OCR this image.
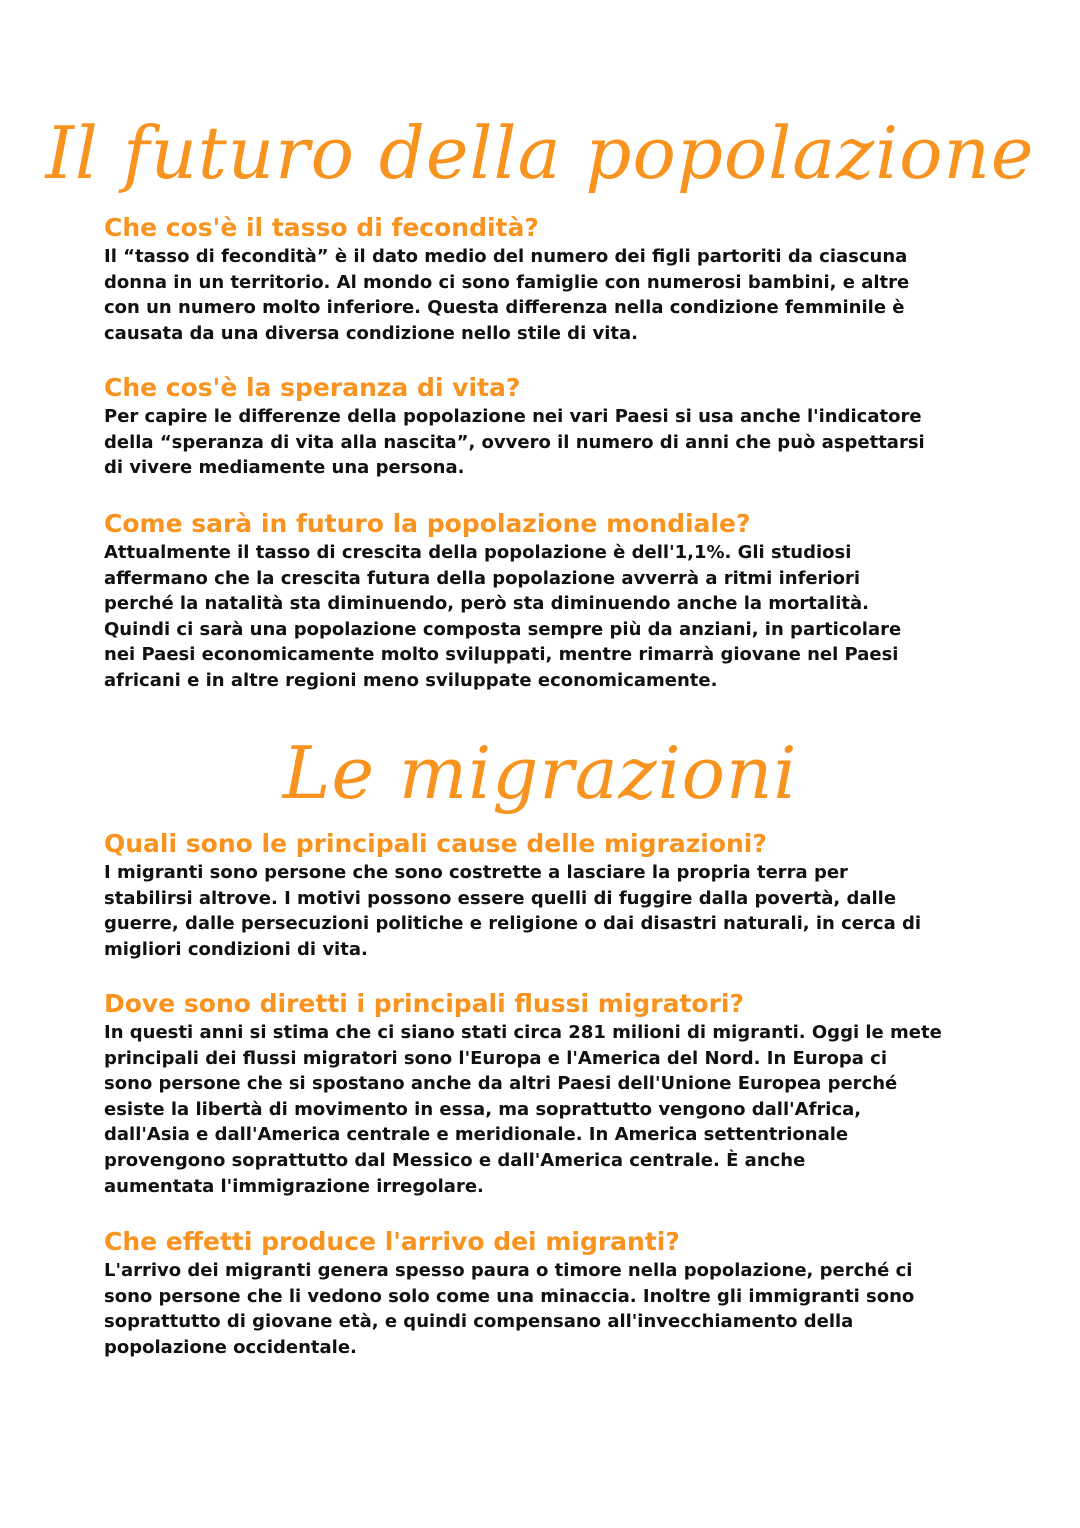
Il futuro della popolazione
Che cos'è il tasso di fecondità?

Il “tasso di fecondità” è il dato medio del numero dei figli partoriti da ciascuna
donna in un territorio. Al mondo ci sono famiglie con numerosi bambini, e altre
con un numero molto inferiore. Questa differenza nella condizione femminile è
causata da una diversa condizione nello stile di vita.

Che cos'è la speranza di vita?

Per capire le differenze della popolazione nei vari Paesi si usa anche l'indicatore
della “speranza di vita alla nascita”, ovvero il numero di anni che può aspettarsi
di vivere mediamente una persona.

Come sarà in futuro la popolazione mondiale?

Attualmente il tasso di crescita della popolazione è dell'1,1%. Gli studiosi
affermano che la crescita futura della popolazione avverrà a ritmi inferiori
perché la natalità sta diminuendo, però sta diminuendo anche la mortalità.
Quindi ci sarà una popolazione composta sempre più da anziani, in particolare
nei Paesi economicamente molto sviluppati, mentre rimarrà giovane nel Paesi
africani e in altre regioni meno sviluppate economicamente.

Le migrazioni
Quali sono le principali cause delle migrazioni?

I migranti sono persone che sono costrette a lasciare la propria terra per
stabilirsi altrove. I motivi possono essere quelli di fuggire dalla povertà, dalle
guerre, dalle persecuzioni politiche e religione o dai disastri naturali, in cerca di
migliori condizioni di vita.

Dove sono diretti i principali flussi migratori?

In questi anni si stima che ci siano stati circa 281 milioni di migranti. Oggi le mete
principali dei flussi migratori sono l'Europa e l'America del Nord. In Europa ci
sono persone che si spostano anche da altri Paesi dell'Unione Europea perché
esiste la libertà di movimento in essa, ma soprattutto vengono dall'Africa,
dall'Asia e dall'America centrale e meridionale. In America settentrionale
provengono soprattutto dal Messico e dall'America centrale. È anche
aumentata l'immigrazione irregolare.

Che effetti produce l'arrivo dei migranti?

L'arrivo dei migranti genera spesso paura o timore nella popolazione, perché ci
sono persone che li vedono solo come una minaccia. Inoltre gli immigranti sono
soprattutto di giovane età, e quindi compensano all'invecchiamento della
popolazione occidentale.
